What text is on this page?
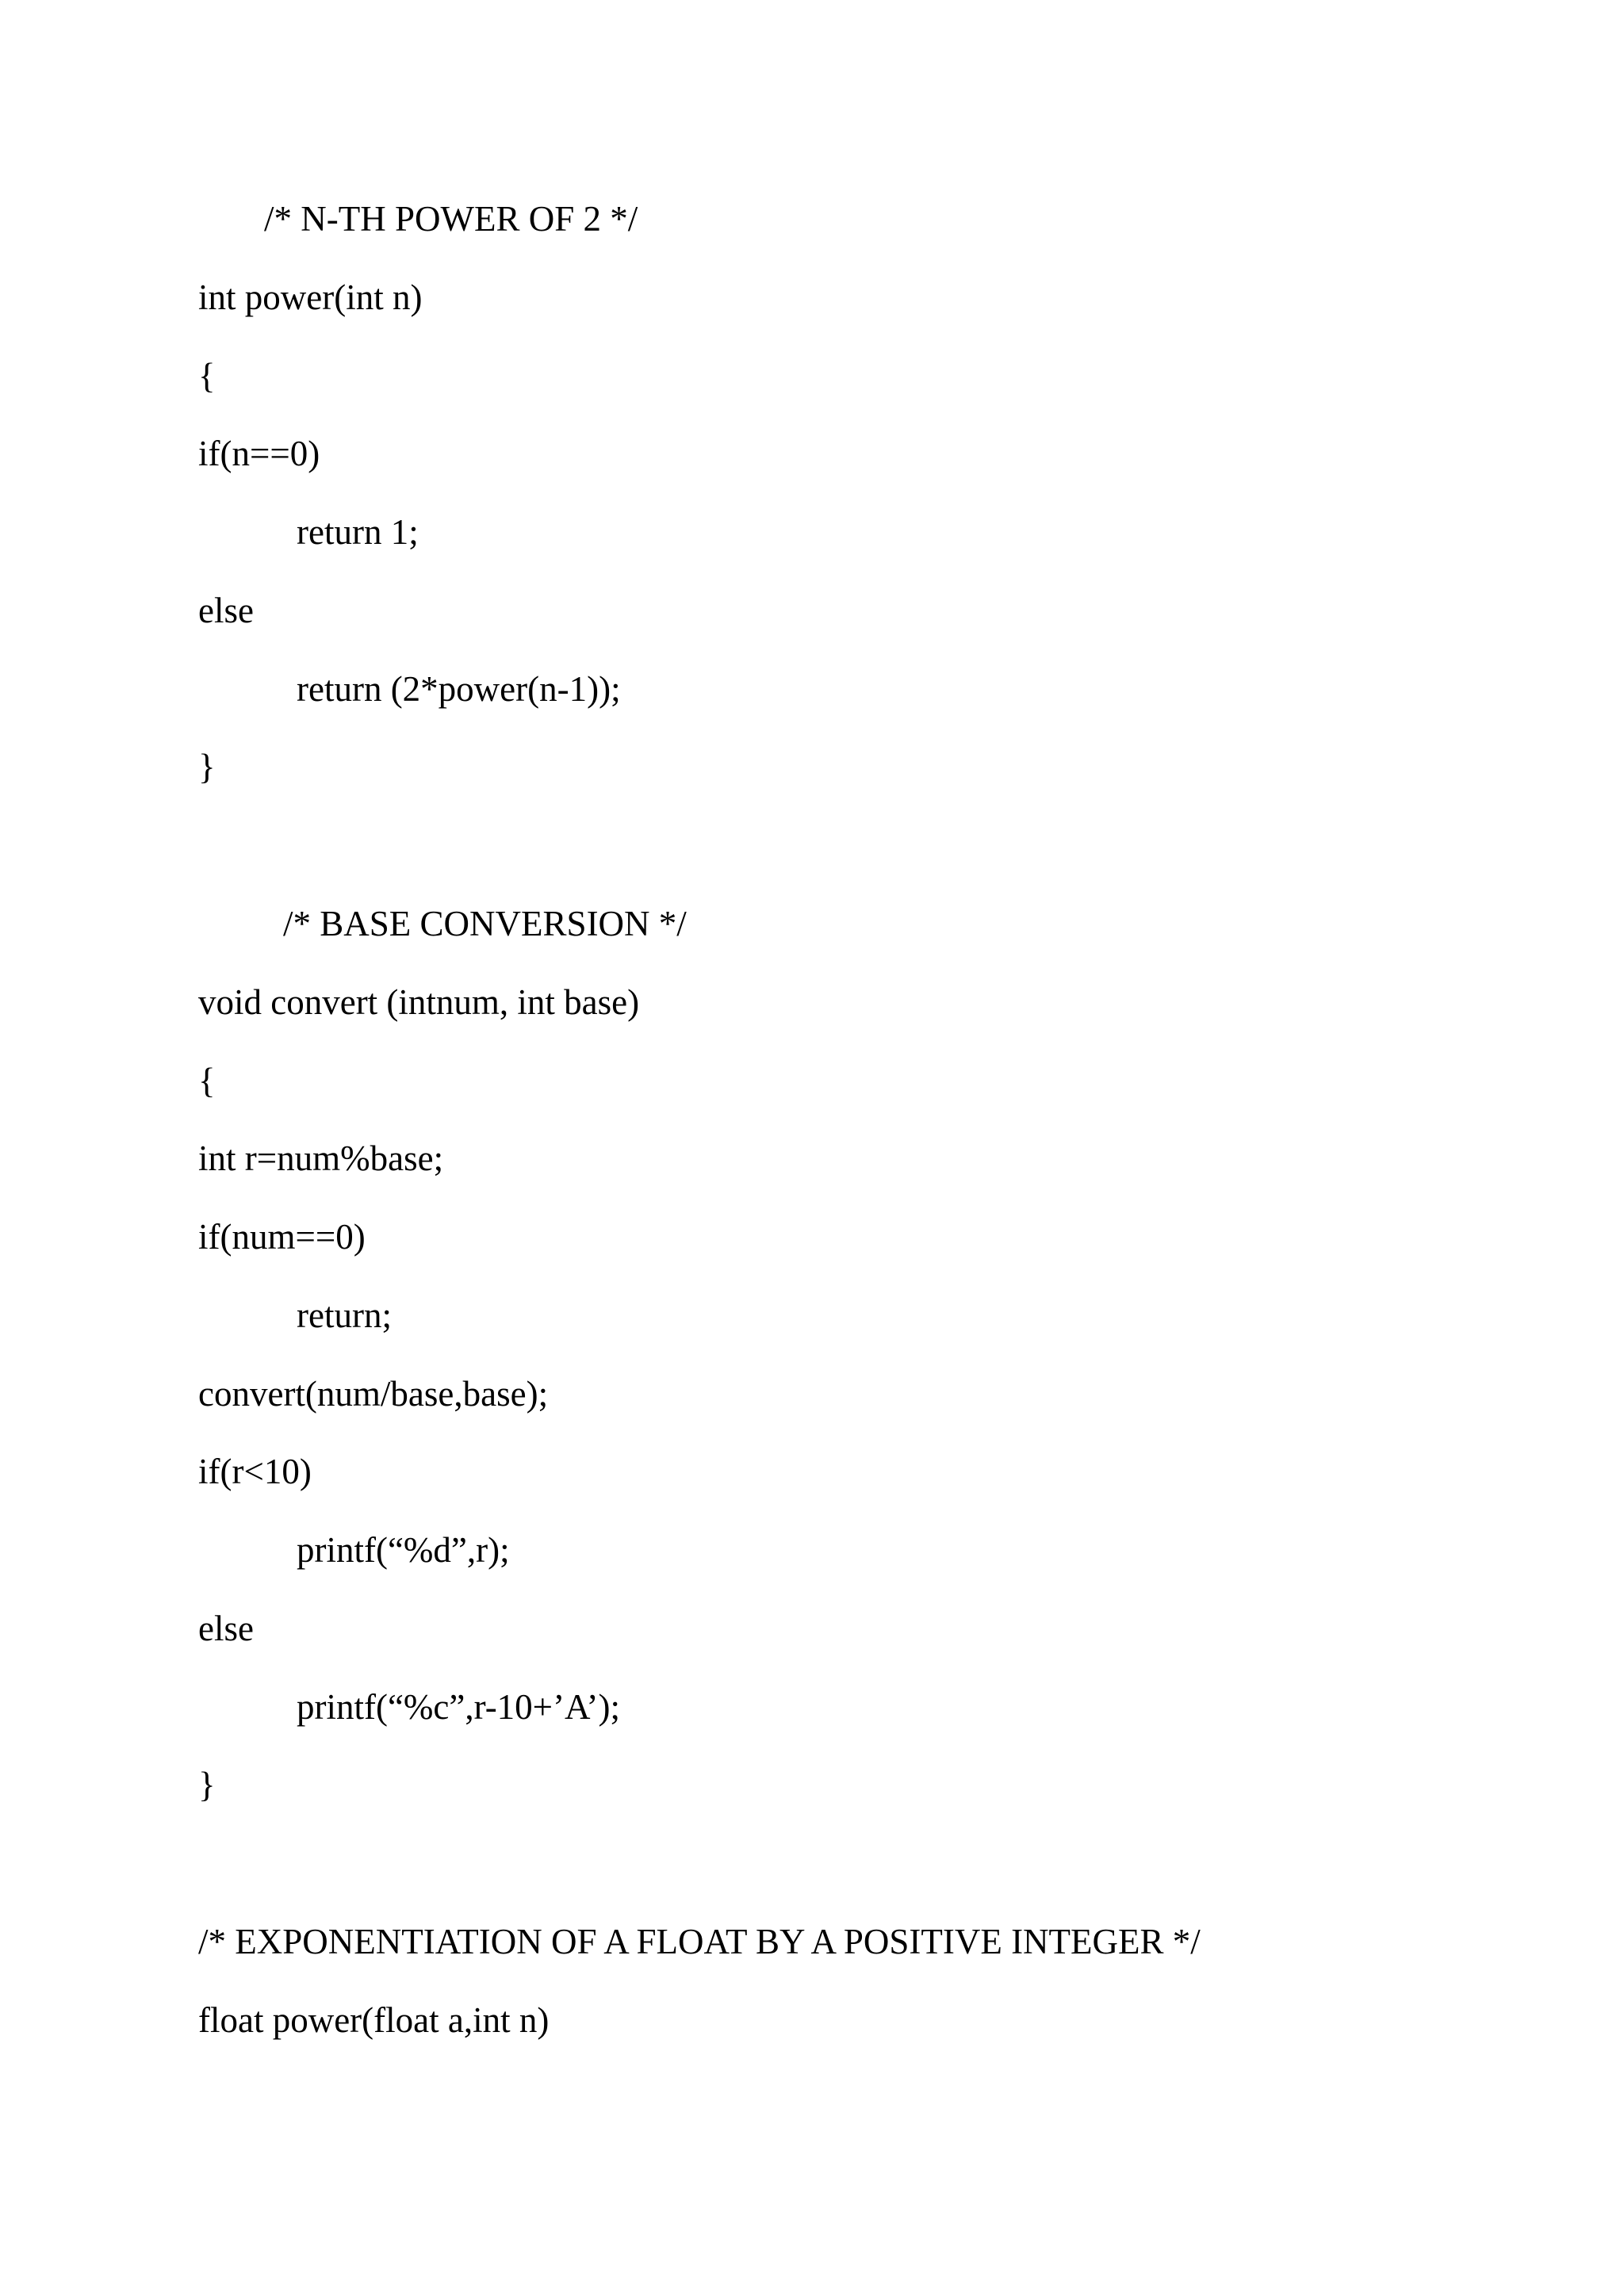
/* N-TH POWER OF 2 */

int power(int n)

{

if(n==0)

return 1;

else

return (2*power(n-1));

}

/* BASE CONVERSION */

void convert (intnum, int base)

{

int r=num%base;

if(num==0)

return;

convert(num/base,base);

if(r<10)

printf(“%d”,r);

else

printf(“%c”,r-10+’A’);

}

/* EXPONENTIATION OF A FLOAT BY A POSITIVE INTEGER */

float power(float a,int n)
